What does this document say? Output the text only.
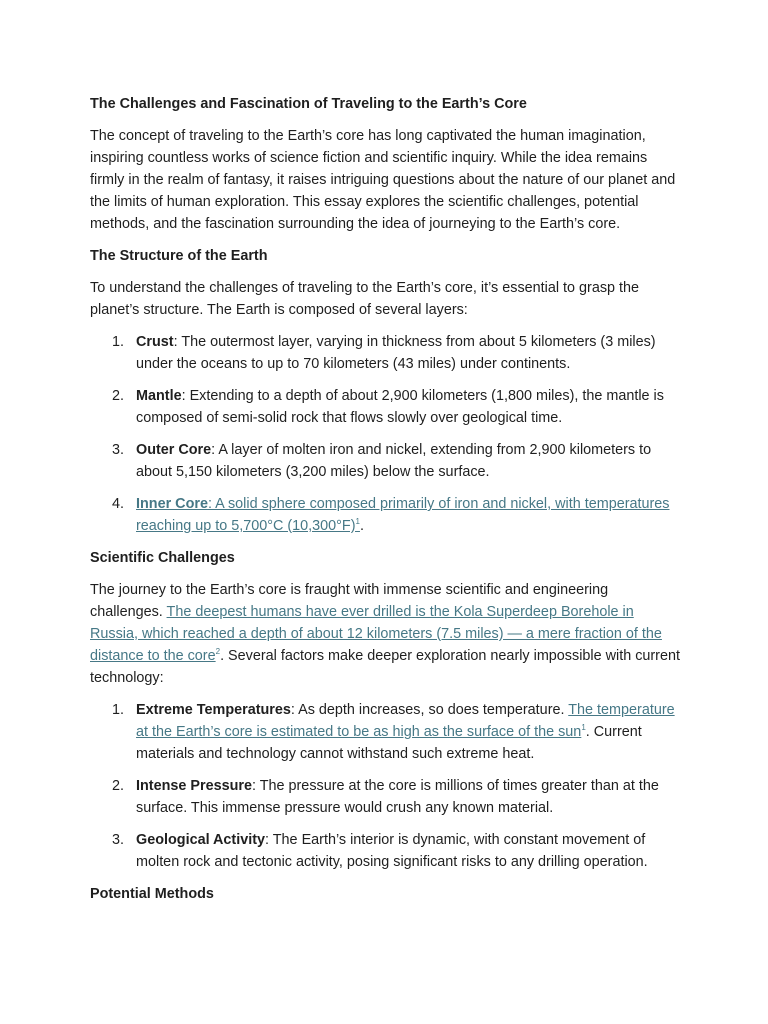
The Challenges and Fascination of Traveling to the Earth’s Core

The concept of traveling to the Earth’s core has long captivated the human imagination, inspiring countless works of science fiction and scientific inquiry. While the idea remains firmly in the realm of fantasy, it raises intriguing questions about the nature of our planet and the limits of human exploration. This essay explores the scientific challenges, potential methods, and the fascination surrounding the idea of journeying to the Earth’s core.

The Structure of the Earth

To understand the challenges of traveling to the Earth’s core, it’s essential to grasp the planet’s structure. The Earth is composed of several layers:

1. Crust: The outermost layer, varying in thickness from about 5 kilometers (3 miles) under the oceans to up to 70 kilometers (43 miles) under continents.
2. Mantle: Extending to a depth of about 2,900 kilometers (1,800 miles), the mantle is composed of semi-solid rock that flows slowly over geological time.
3. Outer Core: A layer of molten iron and nickel, extending from 2,900 kilometers to about 5,150 kilometers (3,200 miles) below the surface.
4. Inner Core: A solid sphere composed primarily of iron and nickel, with temperatures reaching up to 5,700°C (10,300°F)$^1$.
Scientific Challenges

The journey to the Earth’s core is fraught with immense scientific and engineering challenges. The deepest humans have ever drilled is the Kola Superdeep Borehole in Russia, which reached a depth of about 12 kilometers (7.5 miles) — a mere fraction of the distance to the core$^2$. Several factors make deeper exploration nearly impossible with current technology:

1. Extreme Temperatures: As depth increases, so does temperature. The temperature at the Earth’s core is estimated to be as high as the surface of the sun$^1$. Current materials and technology cannot withstand such extreme heat.
2. Intense Pressure: The pressure at the core is millions of times greater than at the surface. This immense pressure would crush any known material.
3. Geological Activity: The Earth’s interior is dynamic, with constant movement of molten rock and tectonic activity, posing significant risks to any drilling operation.
Potential Methods
